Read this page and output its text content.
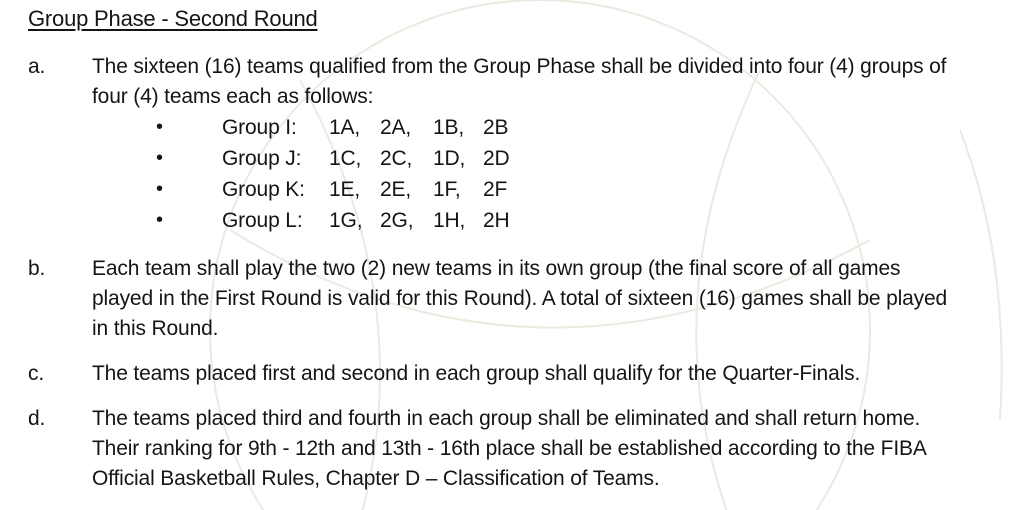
Group Phase - Second Round
a. The sixteen (16) teams qualified from the Group Phase shall be divided into four (4) groups of four (4) teams each as follows:
•	Group I: 1A, 2A, 1B, 2B
•	Group J: 1C, 2C, 1D, 2D
•	Group K: 1E, 2E, 1F, 2F
•	Group L: 1G, 2G, 1H, 2H
b. Each team shall play the two (2) new teams in its own group (the final score of all games played in the First Round is valid for this Round). A total of sixteen (16) games shall be played in this Round.
c. The teams placed first and second in each group shall qualify for the Quarter-Finals.
d. The teams placed third and fourth in each group shall be eliminated and shall return home. Their ranking for 9th - 12th and 13th - 16th place shall be established according to the FIBA Official Basketball Rules, Chapter D – Classification of Teams.
